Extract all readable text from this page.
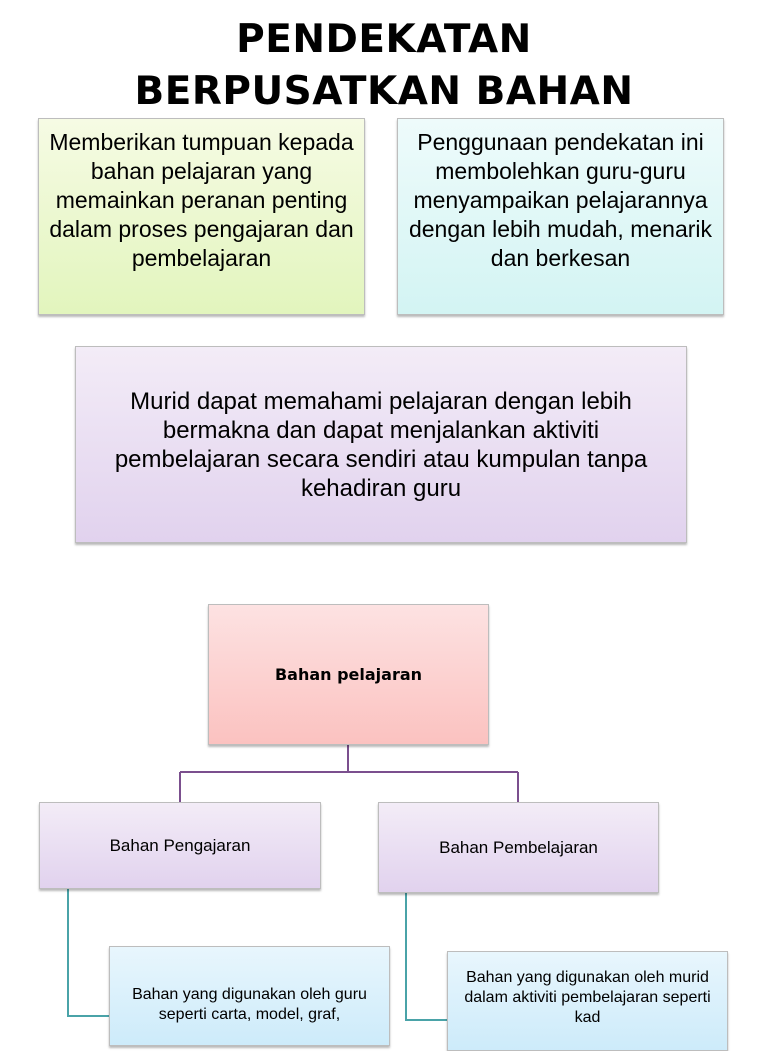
PENDEKATAN
BERPUSATKAN BAHAN
Memberikan tumpuan kepada bahan pelajaran yang memainkan peranan penting dalam proses pengajaran dan pembelajaran
Penggunaan pendekatan ini membolehkan guru-guru menyampaikan pelajarannya dengan lebih mudah, menarik dan berkesan
Murid dapat memahami pelajaran dengan lebih bermakna dan dapat menjalankan aktiviti pembelajaran secara sendiri atau kumpulan tanpa kehadiran guru
Bahan pelajaran
Bahan Pengajaran	Bahan Pembelajaran
Bahan yang digunakan oleh guru seperti carta, model, graf,
Bahan yang digunakan oleh murid dalam aktiviti pembelajaran seperti kad
